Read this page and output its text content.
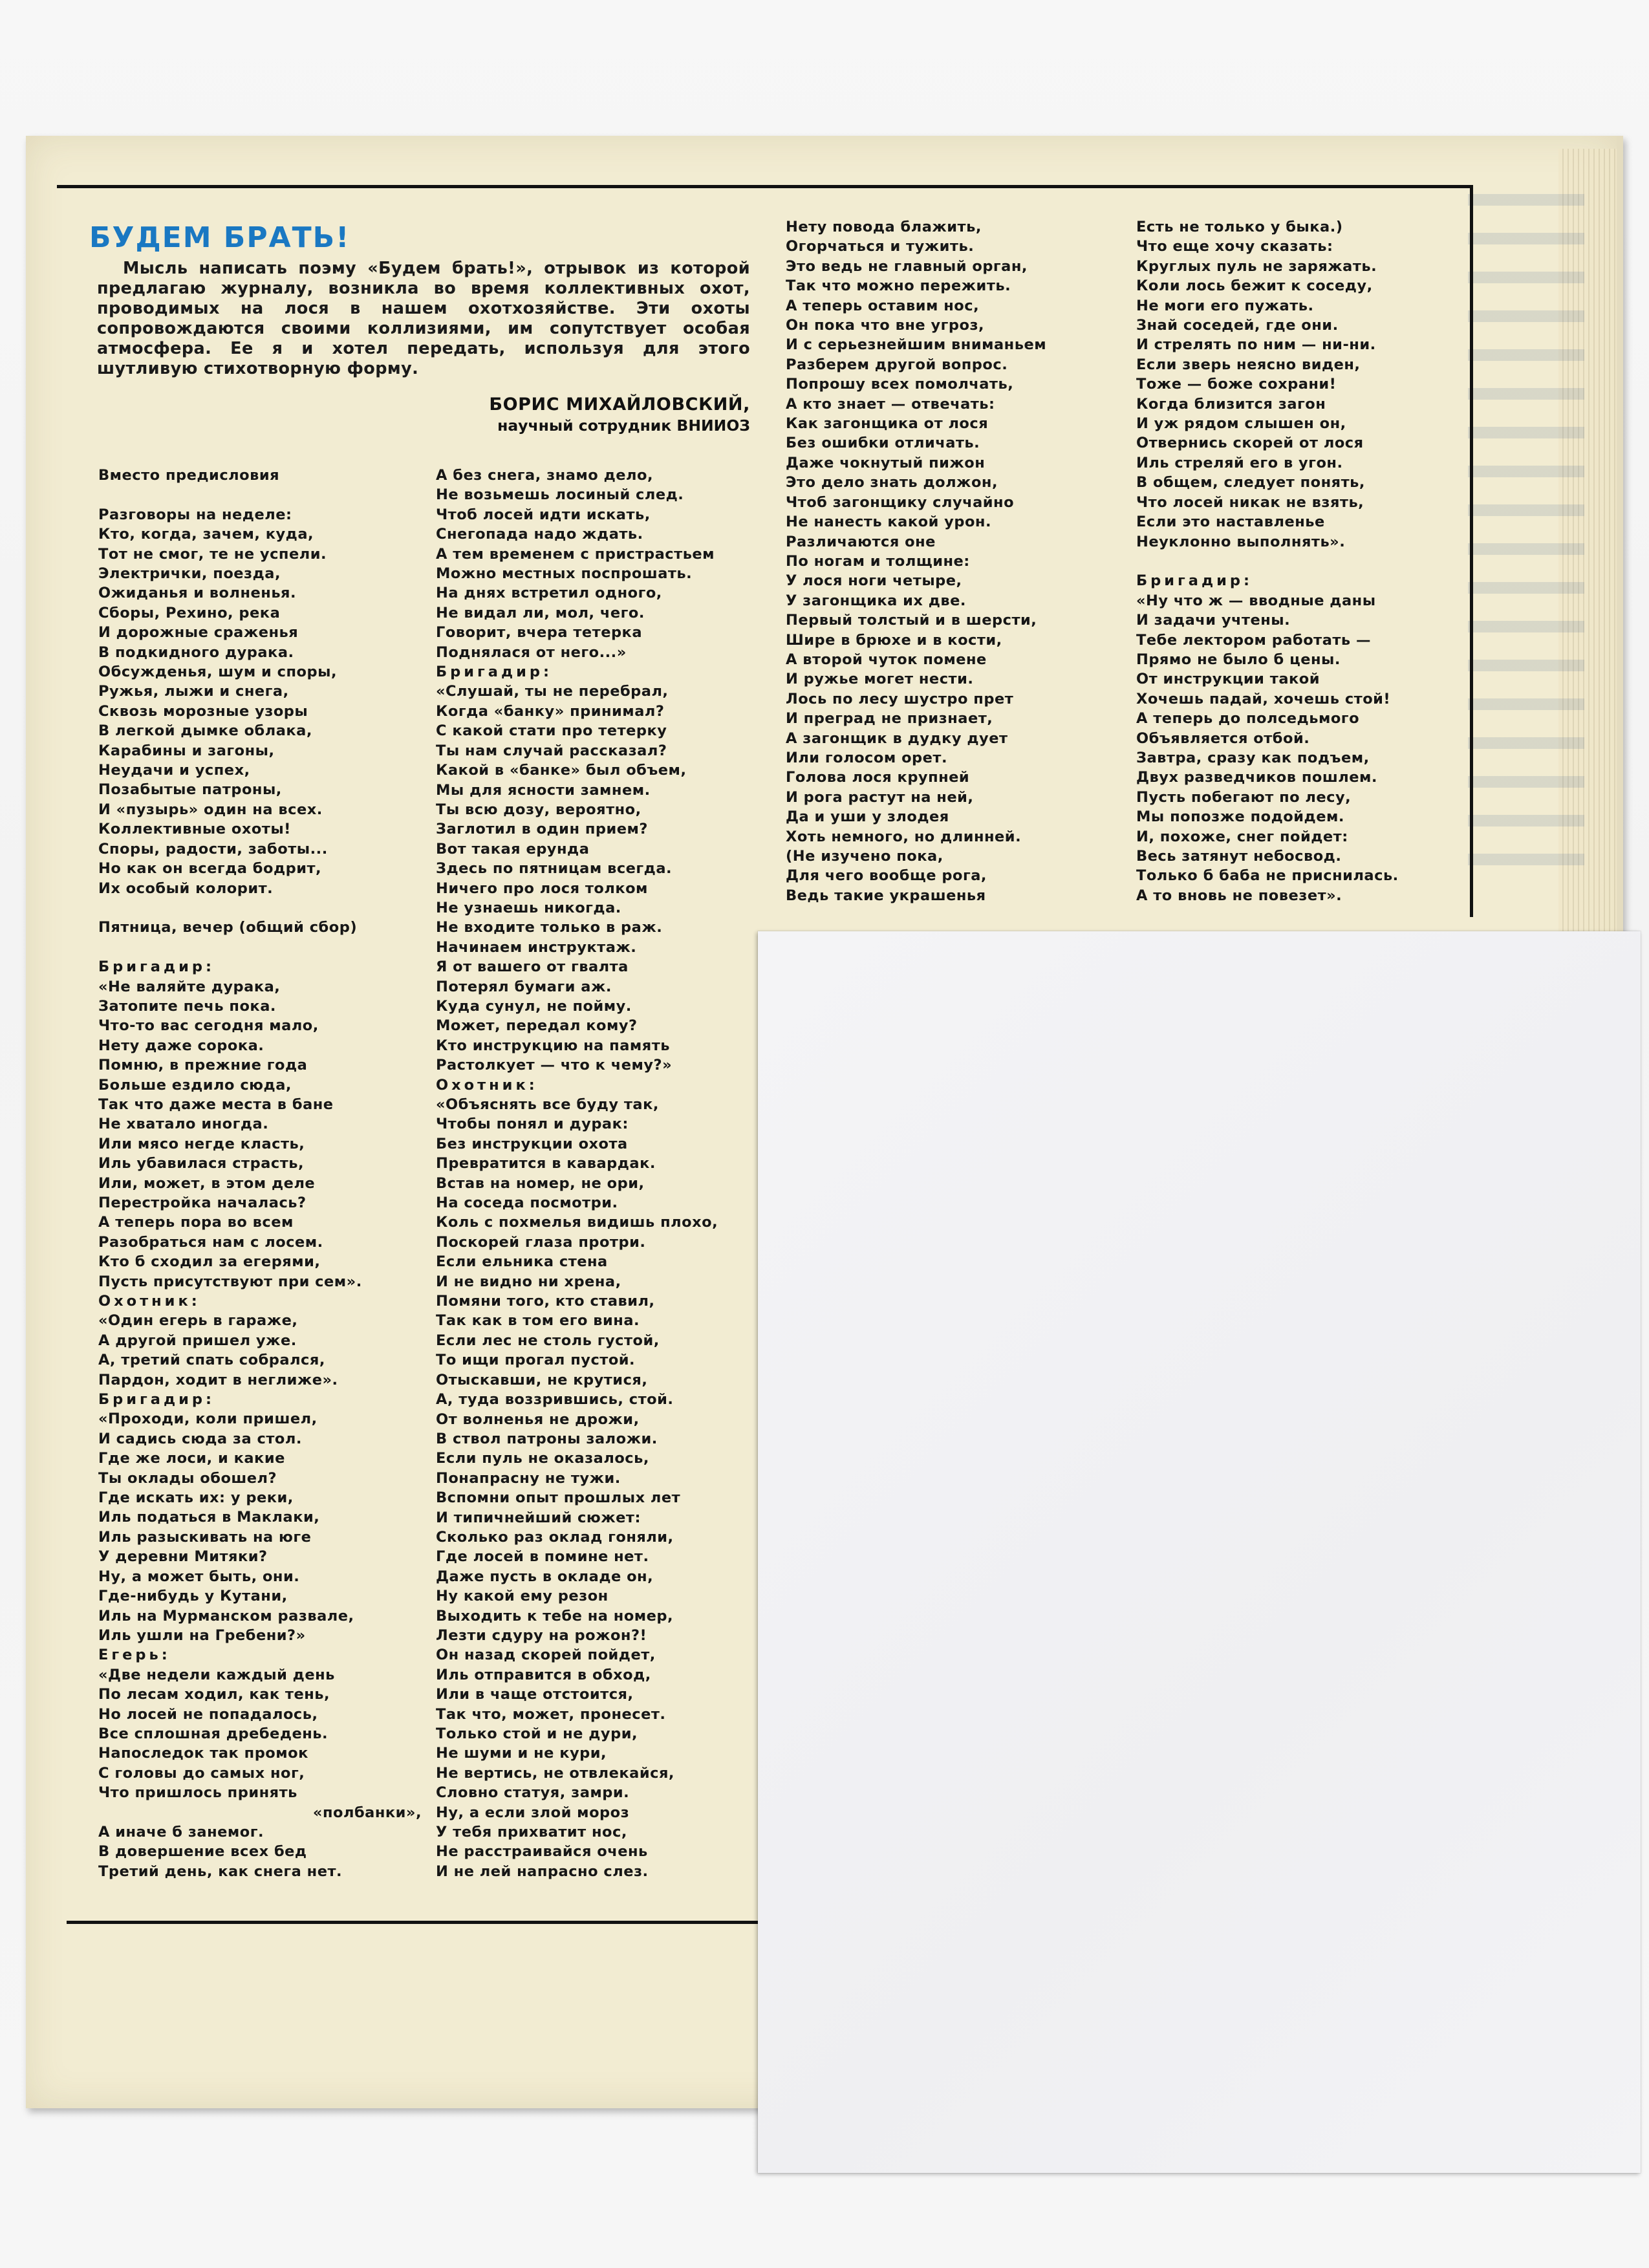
БУДЕМ БРАТЬ!

Мысль написать поэму «Будем брать!», отрывок из которой предлагаю журналу, возникла во время коллективных охот, проводимых на лося в нашем охотхозяйстве. Эти охоты сопровождаются своими коллизиями, им сопутствует особая атмосфера. Ее я и хотел передать, используя для этого шутливую стихотворную форму.

БОРИС МИХАЙЛОВСКИЙ,
научный сотрудник ВНИИОЗ
Вместо предисловия
Разговоры на неделе:
Кто, когда, зачем, куда,
Тот не смог, те не успели.
Электрички, поезда,
Ожиданья и волненья.
Сборы, Рехино, река
И дорожные сраженья
В подкидного дурака.
Обсужденья, шум и споры,
Ружья, лыжи и снега,
Сквозь морозные узоры
В легкой дымке облака,
Карабины и загоны,
Неудачи и успех,
Позабытые патроны,
И «пузырь» один на всех.
Коллективные охоты!
Споры, радости, заботы...
Но как он всегда бодрит,
Их особый колорит.
Пятница, вечер (общий сбор)
Бригадир:
«Не валяйте дурака,
Затопите печь пока.
Что-то вас сегодня мало,
Нету даже сорока.
Помню, в прежние года
Больше ездило сюда,
Так что даже места в бане
Не хватало иногда.
Или мясо негде класть,
Иль убавилася страсть,
Или, может, в этом деле
Перестройка началась?
А теперь пора во всем
Разобраться нам с лосем.
Кто б сходил за егерями,
Пусть присутствуют при сем».
Охотник:
«Один егерь в гараже,
А другой пришел уже.
А, третий спать собрался,
Пардон, ходит в неглиже».
Бригадир:
«Проходи, коли пришел,
И садись сюда за стол.
Где же лоси, и какие
Ты оклады обошел?
Где искать их: у реки,
Иль податься в Маклаки,
Иль разыскивать на юге
У деревни Митяки?
Ну, а может быть, они.
Где-нибудь у Кутани,
Иль на Мурманском развале,
Иль ушли на Гребени?»
Егерь:
«Две недели каждый день
По лесам ходил, как тень,
Но лосей не попадалось,
Все сплошная дребедень.
Напоследок так промок
С головы до самых ног,
Что пришлось принять
«полбанки»,
А иначе б занемог.
В довершение всех бед
Третий день, как снега нет.
А без снега, знамо дело,
Не возьмешь лосиный след.
Чтоб лосей идти искать,
Снегопада надо ждать.
А тем временем с пристрастьем
Можно местных поспрошать.
На днях встретил одного,
Не видал ли, мол, чего.
Говорит, вчера тетерка
Поднялася от него...»
Бригадир:
«Слушай, ты не перебрал,
Когда «банку» принимал?
С какой стати про тетерку
Ты нам случай рассказал?
Какой в «банке» был объем,
Мы для ясности замнем.
Ты всю дозу, вероятно,
Заглотил в один прием?
Вот такая ерунда
Здесь по пятницам всегда.
Ничего про лося толком
Не узнаешь никогда.
Не входите только в раж.
Начинаем инструктаж.
Я от вашего от гвалта
Потерял бумаги аж.
Куда сунул, не пойму.
Может, передал кому?
Кто инструкцию на память
Растолкует — что к чему?»
Охотник:
«Объяснять все буду так,
Чтобы понял и дурак:
Без инструкции охота
Превратится в кавардак.
Встав на номер, не ори,
На соседа посмотри.
Коль с похмелья видишь плохо,
Поскорей глаза протри.
Если ельника стена
И не видно ни хрена,
Помяни того, кто ставил,
Так как в том его вина.
Если лес не столь густой,
То ищи прогал пустой.
Отыскавши, не крутися,
А, туда воззрившись, стой.
От волненья не дрожи,
В ствол патроны заложи.
Если пуль не оказалось,
Понапрасну не тужи.
Вспомни опыт прошлых лет
И типичнейший сюжет:
Сколько раз оклад гоняли,
Где лосей в помине нет.
Даже пусть в окладе он,
Ну какой ему резон
Выходить к тебе на номер,
Лезти сдуру на рожон?!
Он назад скорей пойдет,
Иль отправится в обход,
Или в чаще отстоится,
Так что, может, пронесет.
Только стой и не дури,
Не шуми и не кури,
Не вертись, не отвлекайся,
Словно статуя, замри.
Ну, а если злой мороз
У тебя прихватит нос,
Не расстраивайся очень
И не лей напрасно слез.
Нету повода блажить,
Огорчаться и тужить.
Это ведь не главный орган,
Так что можно пережить.
А теперь оставим нос,
Он пока что вне угроз,
И с серьезнейшим вниманьем
Разберем другой вопрос.
Попрошу всех помолчать,
А кто знает — отвечать:
Как загонщика от лося
Без ошибки отличать.
Даже чокнутый пижон
Это дело знать должон,
Чтоб загонщику случайно
Не нанесть какой урон.
Различаются оне
По ногам и толщине:
У лося ноги четыре,
У загонщика их две.
Первый толстый и в шерсти,
Шире в брюхе и в кости,
А второй чуток помене
И ружье могет нести.
Лось по лесу шустро прет
И преград не признает,
А загонщик в дудку дует
Или голосом орет.
Голова лося крупней
И рога растут на ней,
Да и уши у злодея
Хоть немного, но длинней.
(Не изучено пока,
Для чего вообще рога,
Ведь такие украшенья
Есть не только у быка.)
Что еще хочу сказать:
Круглых пуль не заряжать.
Коли лось бежит к соседу,
Не моги его пужать.
Знай соседей, где они.
И стрелять по ним — ни-ни.
Если зверь неясно виден,
Тоже — боже сохрани!
Когда близится загон
И уж рядом слышен он,
Отвернись скорей от лося
Иль стреляй его в угон.
В общем, следует понять,
Что лосей никак не взять,
Если это наставленье
Неуклонно выполнять».
Бригадир:
«Ну что ж — вводные даны
И задачи учтены.
Тебе лектором работать —
Прямо не было б цены.
От инструкции такой
Хочешь падай, хочешь стой!
А теперь до полседьмого
Объявляется отбой.
Завтра, сразу как подъем,
Двух разведчиков пошлем.
Пусть побегают по лесу,
Мы попозже подойдем.
И, похоже, снег пойдет:
Весь затянут небосвод.
Только б баба не приснилась.
А то вновь не повезет».
